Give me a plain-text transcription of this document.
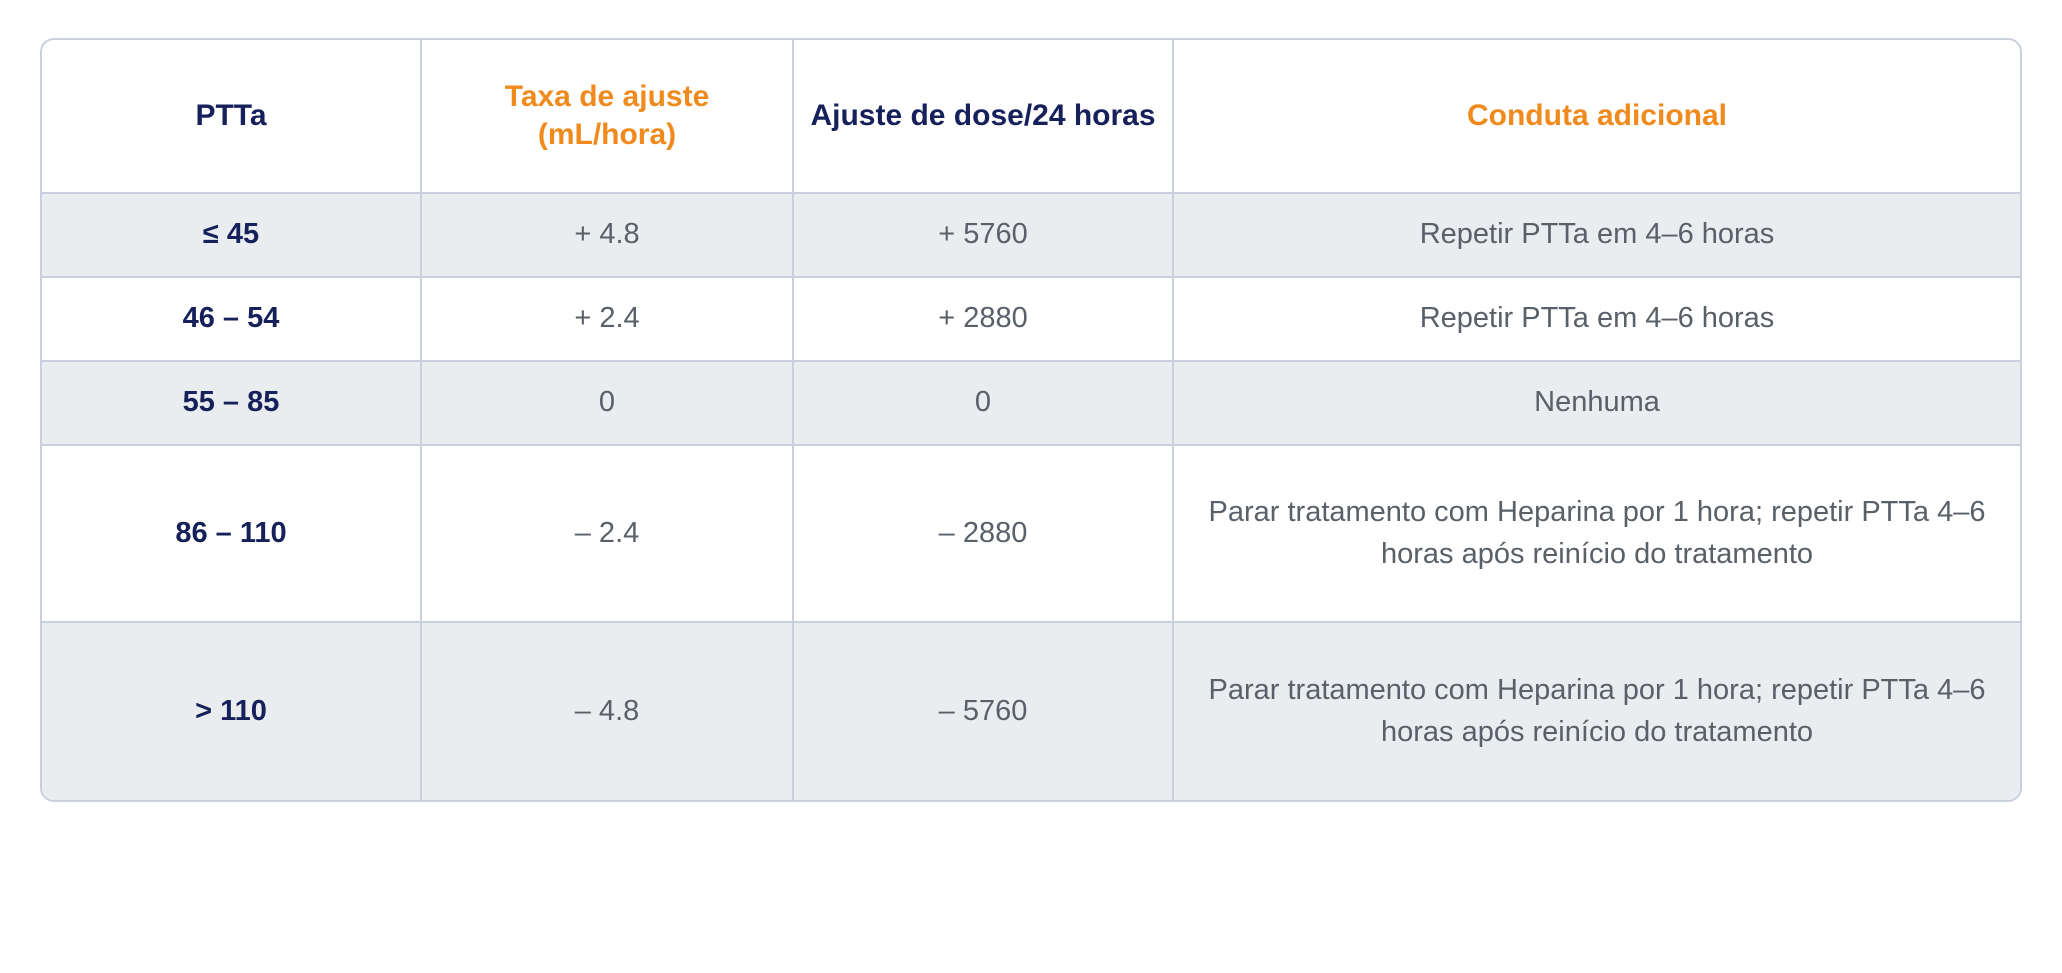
PTTa	Taxa de ajuste (mL/hora)	Ajuste de dose/24 horas	Conduta adicional
≤ 45	+ 4.8	+ 5760	Repetir PTTa em 4–6 horas
46 – 54	+ 2.4	+ 2880	Repetir PTTa em 4–6 horas
55 – 85	0	0	Nenhuma
86 – 110	– 2.4	– 2880	Parar tratamento com Heparina por 1 hora; repetir PTTa 4–6 horas após reinício do tratamento
> 110	– 4.8	– 5760	Parar tratamento com Heparina por 1 hora; repetir PTTa 4–6 horas após reinício do tratamento
